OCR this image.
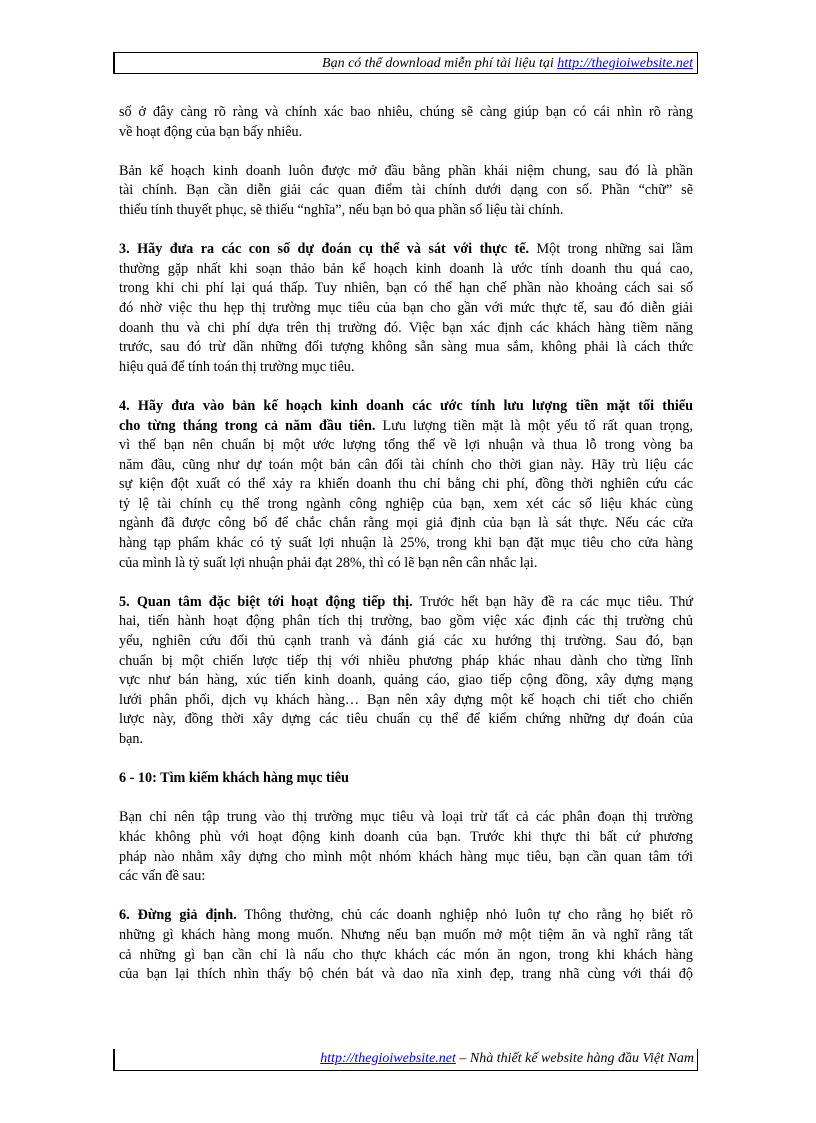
Bạn có thể download miễn phí tài liệu tại http://thegioiwebsite.net

số ở đây càng rõ ràng và chính xác bao nhiêu, chúng sẽ càng giúp bạn có cái nhìn rõ ràng
về hoạt động của bạn bấy nhiêu.

Bản kế hoạch kinh doanh luôn được mở đầu bằng phần khái niệm chung, sau đó là phần
tài chính. Bạn cần diễn giải các quan điểm tài chính dưới dạng con số. Phần “chữ” sẽ
thiếu tính thuyết phục, sẽ thiếu “nghĩa”, nếu bạn bỏ qua phần số liệu tài chính.

3. Hãy đưa ra các con số dự đoán cụ thể và sát với thực tế. Một trong những sai lầm
thường gặp nhất khi soạn thảo bản kế hoạch kinh doanh là ước tính doanh thu quá cao,
trong khi chi phí lại quá thấp. Tuy nhiên, bạn có thể hạn chế phần nào khoảng cách sai số
đó nhờ việc thu hẹp thị trường mục tiêu của bạn cho gần với mức thực tế, sau đó diễn giải
doanh thu và chi phí dựa trên thị trường đó. Việc bạn xác định các khách hàng tiềm năng
trước, sau đó trừ dần những đối tượng không sẵn sàng mua sắm, không phải là cách thức
hiệu quả để tính toán thị trường mục tiêu.

4. Hãy đưa vào bản kế hoạch kinh doanh các ước tính lưu lượng tiền mặt tối thiểu
cho từng tháng trong cả năm đầu tiên. Lưu lượng tiền mặt là một yếu tố rất quan trọng,
vì thế bạn nên chuẩn bị một ước lượng tổng thể về lợi nhuận và thua lỗ trong vòng ba
năm đầu, cũng như dự toán một bản cân đối tài chính cho thời gian này. Hãy trù liệu các
sự kiện đột xuất có thể xảy ra khiến doanh thu chỉ bằng chi phí, đồng thời nghiên cứu các
tỷ lệ tài chính cụ thể trong ngành công nghiệp của bạn, xem xét các số liệu khác cùng
ngành đã được công bố để chắc chắn rằng mọi giả định của bạn là sát thực. Nếu các cửa
hàng tạp phẩm khác có tỷ suất lợi nhuận là 25%, trong khi bạn đặt mục tiêu cho cửa hàng
của mình là tỷ suất lợi nhuận phải đạt 28%, thì có lẽ bạn nên cân nhắc lại.

5. Quan tâm đặc biệt tới hoạt động tiếp thị. Trước hết bạn hãy đề ra các mục tiêu. Thứ
hai, tiến hành hoạt động phân tích thị trường, bao gồm việc xác định các thị trường chủ
yếu, nghiên cứu đối thủ cạnh tranh và đánh giá các xu hướng thị trường. Sau đó, bạn
chuẩn bị một chiến lược tiếp thị với nhiều phương pháp khác nhau dành cho từng lĩnh
vực như bán hàng, xúc tiến kinh doanh, quảng cáo, giao tiếp cộng đồng, xây dựng mạng
lưới phân phối, dịch vụ khách hàng… Bạn nên xây dựng một kế hoạch chi tiết cho chiến
lược này, đồng thời xây dựng các tiêu chuẩn cụ thể để kiểm chứng những dự đoán của
bạn.

6 - 10: Tìm kiếm khách hàng mục tiêu

Bạn chỉ nên tập trung vào thị trường mục tiêu và loại trừ tất cả các phân đoạn thị trường
khác không phù với hoạt động kinh doanh của bạn. Trước khi thực thi bất cứ phương
pháp nào nhằm xây dựng cho mình một nhóm khách hàng mục tiêu, bạn cần quan tâm tới
các vấn đề sau:

6. Đừng giả định. Thông thường, chủ các doanh nghiệp nhỏ luôn tự cho rằng họ biết rõ
những gì khách hàng mong muốn. Nhưng nếu bạn muốn mở một tiệm ăn và nghĩ rằng tất
cả những gì bạn cần chỉ là nấu cho thực khách các món ăn ngon, trong khi khách hàng
của bạn lại thích nhìn thấy bộ chén bát và dao nĩa xinh đẹp, trang nhã cùng với thái độ

http://thegioiwebsite.net – Nhà thiết kế website hàng đầu Việt Nam
